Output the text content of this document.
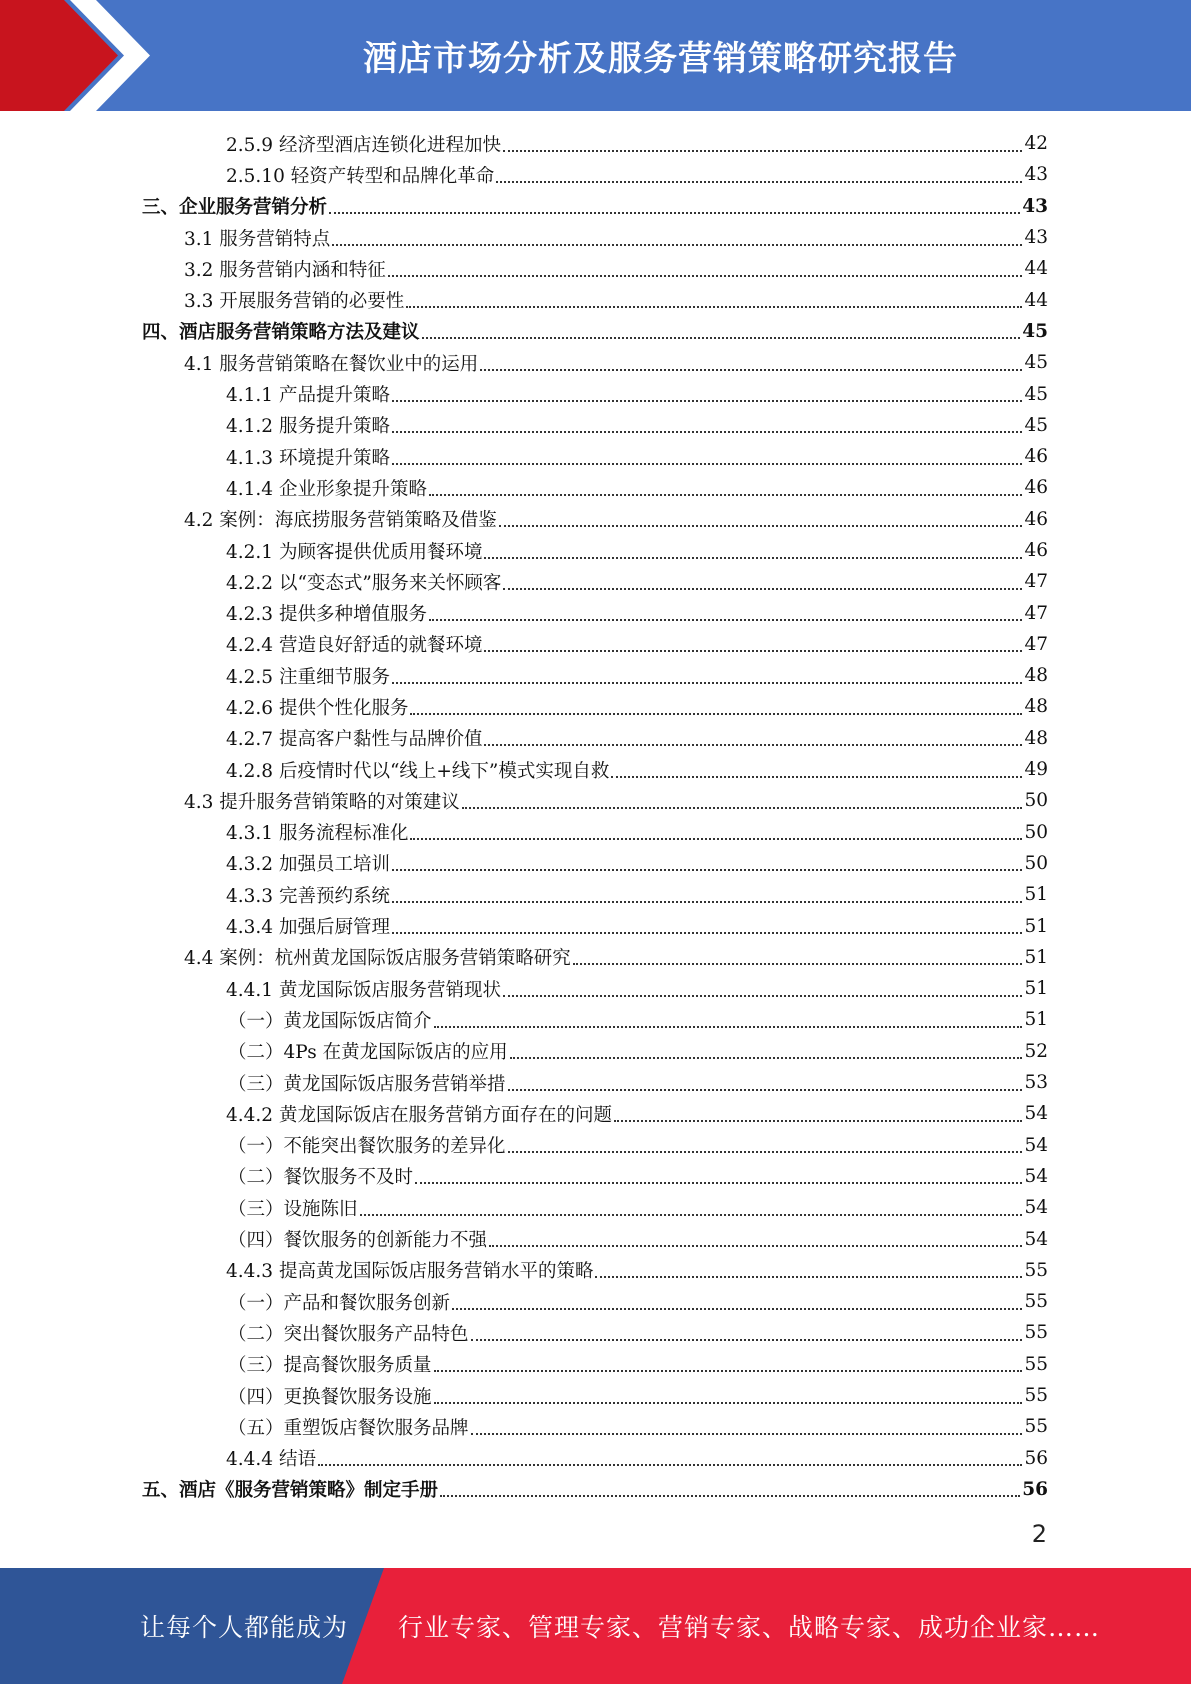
酒店市场分析及服务营销策略研究报告
2.5.9 经济型酒店连锁化进程加快	42
2.5.10 轻资产转型和品牌化革命	43
三、企业服务营销分析	43
3.1 服务营销特点	43
3.2 服务营销内涵和特征	44
3.3 开展服务营销的必要性	44
四、酒店服务营销策略方法及建议	45
4.1 服务营销策略在餐饮业中的运用	45
4.1.1 产品提升策略	45
4.1.2 服务提升策略	45
4.1.3 环境提升策略	46
4.1.4 企业形象提升策略	46
4.2 案例：海底捞服务营销策略及借鉴	46
4.2.1 为顾客提供优质用餐环境	46
4.2.2 以“变态式”服务来关怀顾客	47
4.2.3 提供多种增值服务	47
4.2.4 营造良好舒适的就餐环境	47
4.2.5 注重细节服务	48
4.2.6 提供个性化服务	48
4.2.7 提高客户黏性与品牌价值	48
4.2.8 后疫情时代以“线上+线下”模式实现自救	49
4.3 提升服务营销策略的对策建议	50
4.3.1 服务流程标准化	50
4.3.2 加强员工培训	50
4.3.3 完善预约系统	51
4.3.4 加强后厨管理	51
4.4 案例：杭州黄龙国际饭店服务营销策略研究	51
4.4.1 黄龙国际饭店服务营销现状	51
（一）黄龙国际饭店简介	51
（二）4Ps 在黄龙国际饭店的应用	52
（三）黄龙国际饭店服务营销举措	53
4.4.2 黄龙国际饭店在服务营销方面存在的问题	54
（一）不能突出餐饮服务的差异化	54
（二）餐饮服务不及时	54
（三）设施陈旧	54
（四）餐饮服务的创新能力不强	54
4.4.3 提高黄龙国际饭店服务营销水平的策略	55
（一）产品和餐饮服务创新	55
（二）突出餐饮服务产品特色	55
（三）提高餐饮服务质量	55
（四）更换餐饮服务设施	55
（五）重塑饭店餐饮服务品牌	55
4.4.4 结语	56
五、酒店《服务营销策略》制定手册	56
2
让每个人都能成为 行业专家、管理专家、营销专家、战略专家、成功企业家……
